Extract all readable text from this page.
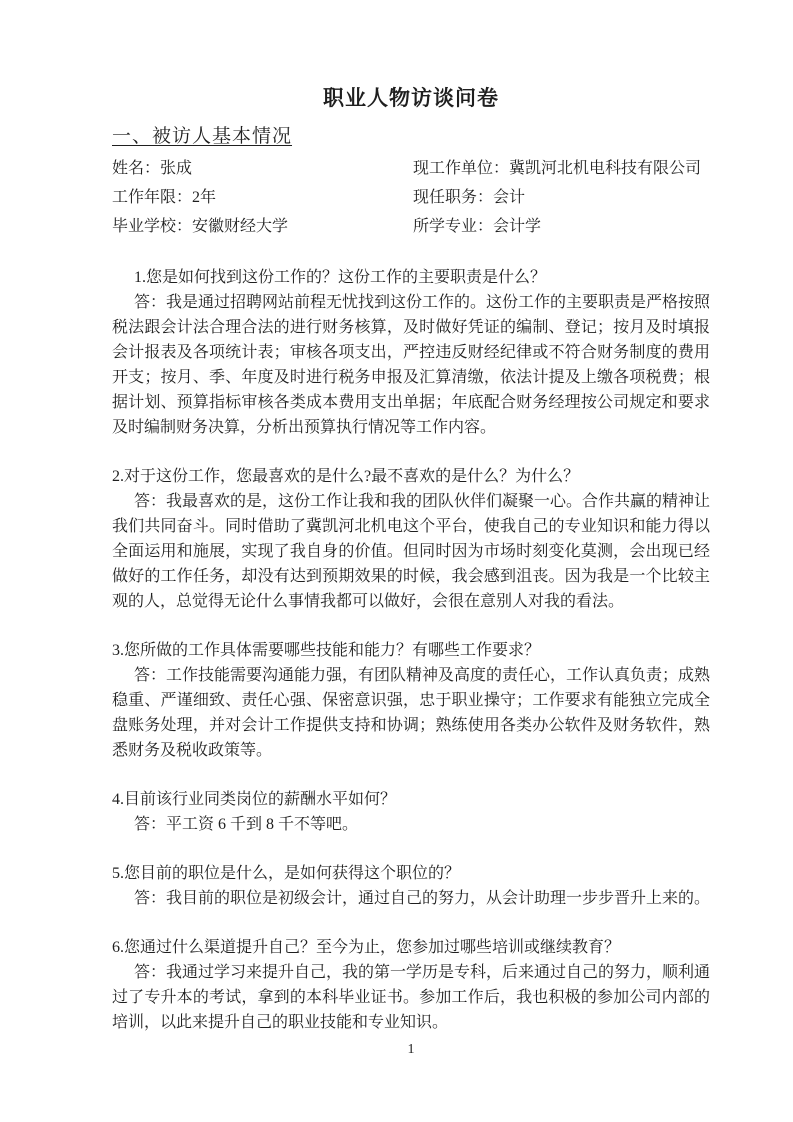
职业人物访谈问卷
一、被访人基本情况
姓名：张成	现工作单位：冀凯河北机电科技有限公司
工作年限：2年	现任职务：会计
毕业学校：安徽财经大学	所学专业：会计学

1.您是如何找到这份工作的？这份工作的主要职责是什么？

答：我是通过招聘网站前程无忧找到这份工作的。这份工作的主要职责是严格按照税法跟会计法合理合法的进行财务核算，及时做好凭证的编制、登记；按月及时填报会计报表及各项统计表；审核各项支出，严控违反财经纪律或不符合财务制度的费用开支；按月、季、年度及时进行税务申报及汇算清缴，依法计提及上缴各项税费；根据计划、预算指标审核各类成本费用支出单据；年底配合财务经理按公司规定和要求及时编制财务决算，分析出预算执行情况等工作内容。

2.对于这份工作，您最喜欢的是什么?最不喜欢的是什么？为什么？

答：我最喜欢的是，这份工作让我和我的团队伙伴们凝聚一心。合作共赢的精神让我们共同奋斗。同时借助了冀凯河北机电这个平台，使我自己的专业知识和能力得以全面运用和施展，实现了我自身的价值。但同时因为市场时刻变化莫测，会出现已经做好的工作任务，却没有达到预期效果的时候，我会感到沮丧。因为我是一个比较主观的人，总觉得无论什么事情我都可以做好，会很在意别人对我的看法。

3.您所做的工作具体需要哪些技能和能力？有哪些工作要求？

答：工作技能需要沟通能力强，有团队精神及高度的责任心，工作认真负责；成熟稳重、严谨细致、责任心强、保密意识强，忠于职业操守；工作要求有能独立完成全盘账务处理，并对会计工作提供支持和协调；熟练使用各类办公软件及财务软件，熟悉财务及税收政策等。

4.目前该行业同类岗位的薪酬水平如何？

答：平工资 6 千到 8 千不等吧。

5.您目前的职位是什么，是如何获得这个职位的？

答：我目前的职位是初级会计，通过自己的努力，从会计助理一步步晋升上来的。

6.您通过什么渠道提升自己？至今为止，您参加过哪些培训或继续教育？

答：我通过学习来提升自己，我的第一学历是专科，后来通过自己的努力，顺利通过了专升本的考试，拿到的本科毕业证书。参加工作后，我也积极的参加公司内部的培训，以此来提升自己的职业技能和专业知识。

1
